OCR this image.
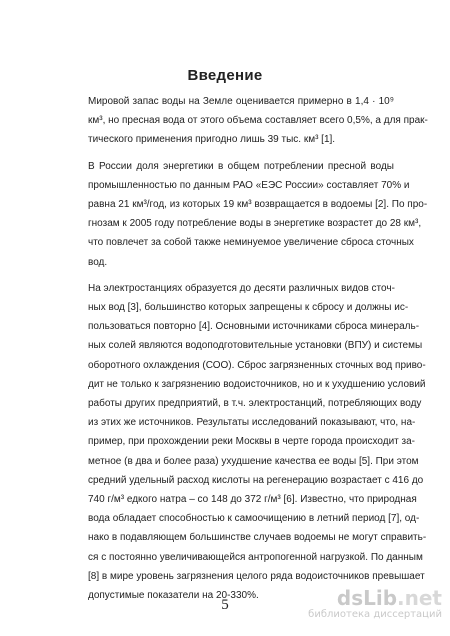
Введение

Мировой запас воды на Земле оценивается примерно в 1,4 · 10⁹
км³, но пресная вода от этого объема составляет всего 0,5%, а для прак-
тического применения пригодно лишь 39 тыс. км³ [1].

В России доля энергетики в общем потреблении пресной воды
промышленностью по данным РАО «ЕЭС России» составляет 70% и
равна 21 км³/год, из которых 19 км³ возвращается в водоемы [2]. По про-
гнозам к 2005 году потребление воды в энергетике возрастет до 28 км³,
что повлечет за собой также неминуемое увеличение сброса сточных
вод.

На электростанциях образуется до десяти различных видов сточ-
ных вод [3], большинство которых запрещены к сбросу и должны ис-
пользоваться повторно [4]. Основными источниками сброса минераль-
ных солей являются водоподготовительные установки (ВПУ) и системы
оборотного охлаждения (СОО). Сброс загрязненных сточных вод приво-
дит не только к загрязнению водоисточников, но и к ухудшению условий
работы других предприятий, в т.ч. электростанций, потребляющих воду
из этих же источников. Результаты исследований показывают, что, на-
пример, при прохождении реки Москвы в черте города происходит за-
метное (в два и более раза) ухудшение качества ее воды [5]. При этом
средний удельный расход кислоты на регенерацию возрастает с 416 до
740 г/м³ едкого натра – со 148 до 372 г/м³ [6]. Известно, что природная
вода обладает способностью к самоочищению в летний период [7], од-
нако в подавляющем большинстве случаев водоемы не могут справить-
ся с постоянно увеличивающейся антропогенной нагрузкой. По данным
[8] в мире уровень загрязнения целого ряда водоисточников превышает
допустимые показатели на 20-330%.

5	dsLib.net
библиотека диссертаций
